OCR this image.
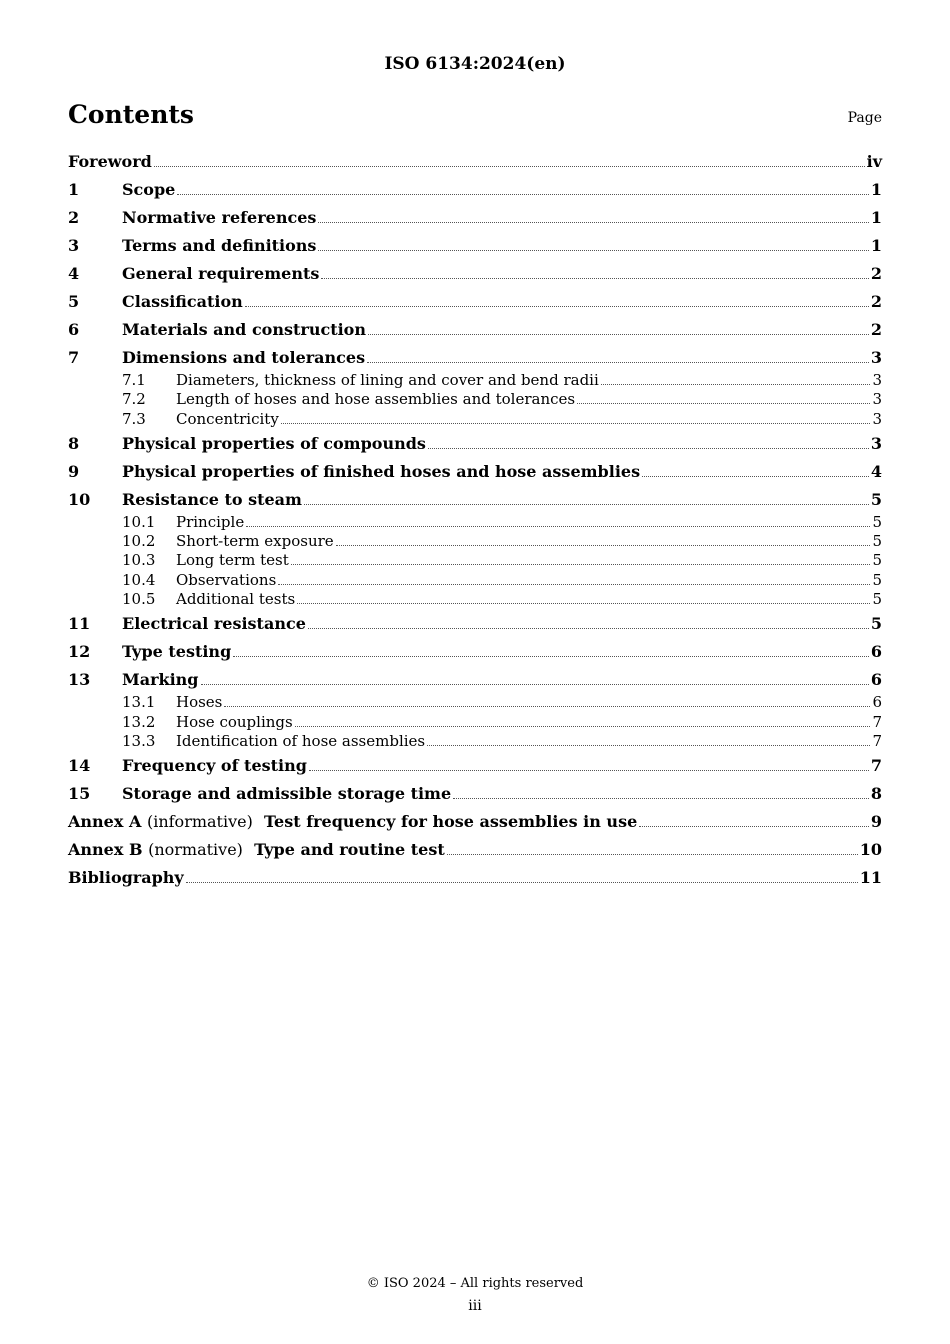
ISO 6134:2024(en)
Contents	Page
Foreword	iv
1	Scope	1
2	Normative references	1
3	Terms and definitions	1
4	General requirements	2
5	Classification	2
6	Materials and construction	2
7	Dimensions and tolerances	3
7.1	Diameters, thickness of lining and cover and bend radii	3
7.2	Length of hoses and hose assemblies and tolerances	3
7.3	Concentricity	3
8	Physical properties of compounds	3
9	Physical properties of finished hoses and hose assemblies	4
10	Resistance to steam	5
10.1	Principle	5
10.2	Short-term exposure	5
10.3	Long term test	5
10.4	Observations	5
10.5	Additional tests	5
11	Electrical resistance	5
12	Type testing	6
13	Marking	6
13.1	Hoses	6
13.2	Hose couplings	7
13.3	Identification of hose assemblies	7
14	Frequency of testing	7
15	Storage and admissible storage time	8
Annex A (informative) Test frequency for hose assemblies in use	9
Annex B (normative) Type and routine test	10
Bibliography	11
© ISO 2024 – All rights reserved
iii
